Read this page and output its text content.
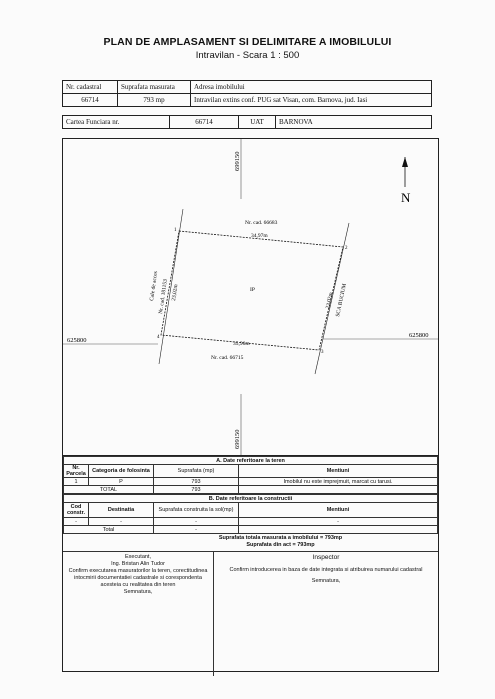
PLAN DE AMPLASAMENT SI DELIMITARE A IMOBILULUI
Intravilan - Scara 1 : 500
Nr. cadastral	Suprafata masurata	Adresa imobilului
66714	793 mp	Intravilan extins conf. PUG sat Visan, com. Barnova, jud. Iasi
Cartea Funciara nr.	66714	UAT	BARNOVA
N
699150
699150
625800
625800
Nr. cad. 66683
Nr. cad. 66715
34,97m
35,96m
23,02m	23,02m
Cale de acces
Nr. cad. 181153	SCA BUCIUM
IP
1
2
3
4
A. Date referitoare la teren			
Nr. Parcela	Categoria de folosinta	Suprafata (mp)	Mentiuni
1	P	793	Imobilul nu este imprejmuit, marcat cu tarusi.
TOTAL		793	
B. Date referitoare la constructii			
Cod constr.	Destinatia	Suprafata construita la sol(mp)	Mentiuni
-	-	-	-
Total		-	
Suprafata totala masurata a imobilului = 793mp
Suprafata din act = 793mp
Executant,
Ing. Bristan Alin Tudor
Confirm executarea masuratorilor la teren, corectitudinea
intocmirii documentatiei cadastrale si corespondenta
acesteia cu realitatea din teren
Semnatura,
Inspector
Confirm introducerea in baza de date integrata si atribuirea numarului cadastral
Semnatura,
